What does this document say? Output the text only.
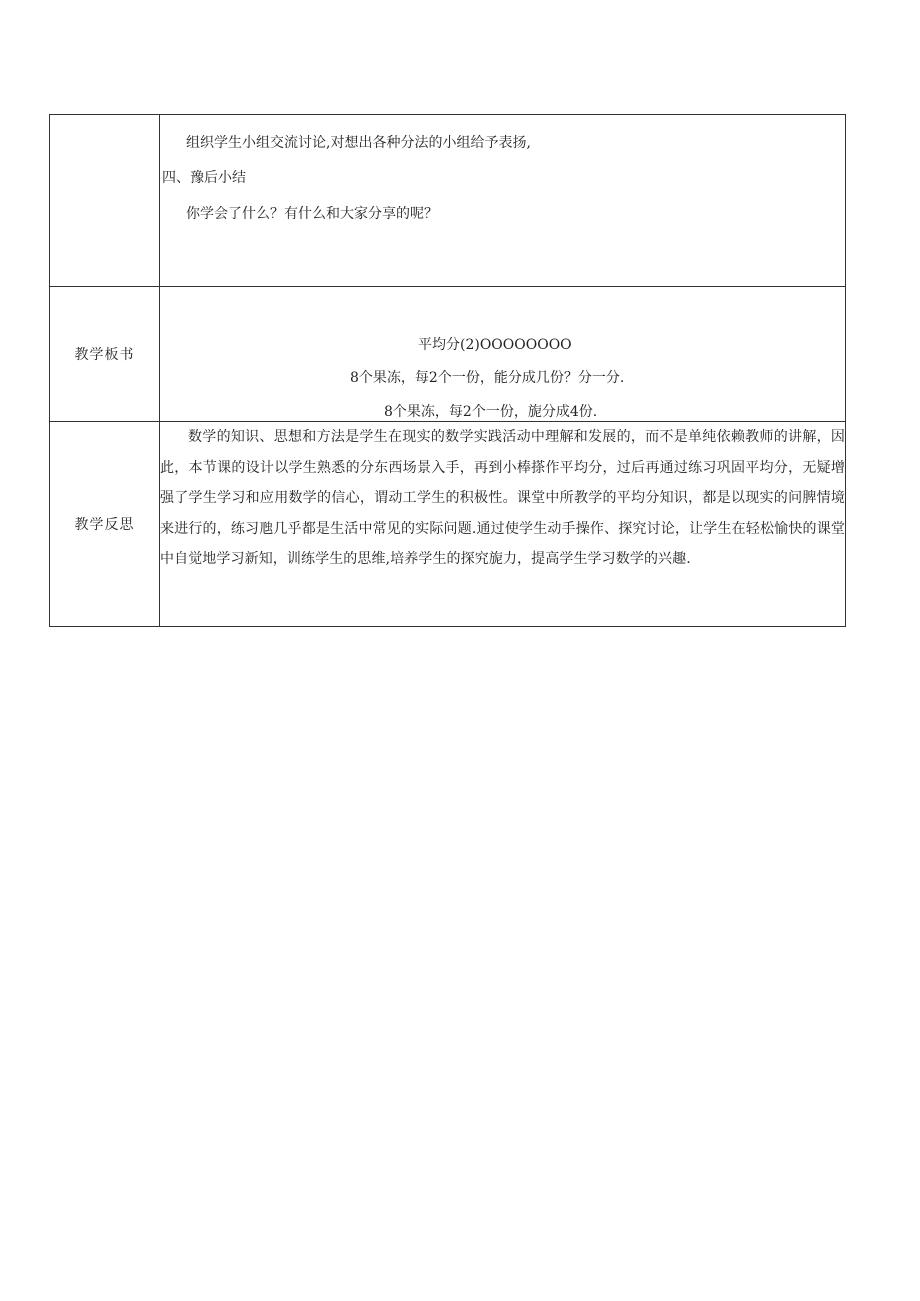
	组织学生小组交流讨论,对想出各种分法的小组给予表扬,
四、豫后小结
你学会了什么？有什么和大家分享的呢？

教学板书	平均分(2)OOOOOOOO
8个果冻，每2个一份，能分成几份？分一分.
8个果冻，每2个一份，旎分成4份.

教学反思	数学的知识、思想和方法是学生在现实的数学实践活动中理解和发展的，而不是单纯依赖教师的讲解，因此，本节课的设计以学生熟悉的分东西场景入手，再到小棒搽作平均分，过后再通过练习巩固平均分，无疑增强了学生学习和应用数学的信心，谓动工学生的积极性。课堂中所教学的平均分知识，都是以现实的问脾情境来进行的，练习虺几乎都是生活中常见的实际问题.通过使学生动手操作、探究讨论，让学生在轻松愉快的课堂中自觉地学习新知，训练学生的思维,培养学生的探究旎力，提高学生学习数学的兴趣.
